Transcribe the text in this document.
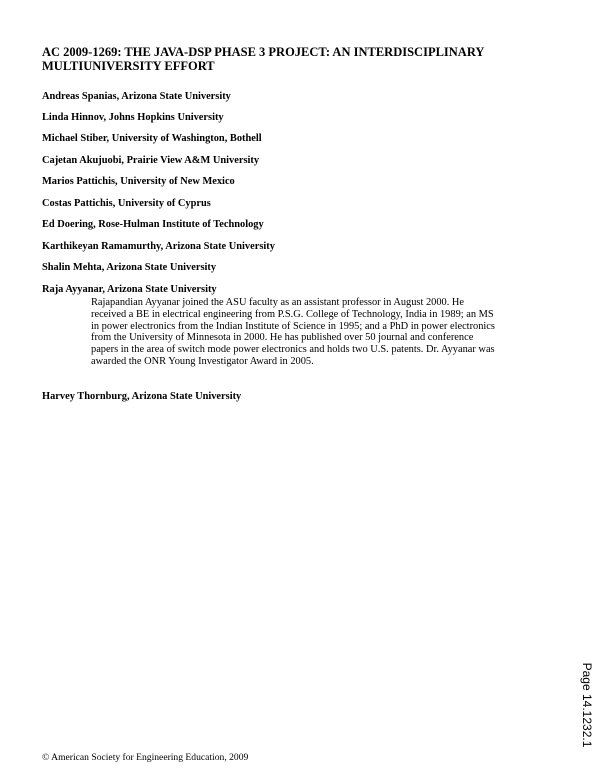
AC 2009-1269: THE JAVA-DSP PHASE 3 PROJECT: AN INTERDISCIPLINARY
MULTIUNIVERSITY EFFORT
Andreas Spanias, Arizona State University
Linda Hinnov, Johns Hopkins University
Michael Stiber, University of Washington, Bothell
Cajetan Akujuobi, Prairie View A&M University
Marios Pattichis, University of New Mexico
Costas Pattichis, University of Cyprus
Ed Doering, Rose-Hulman Institute of Technology
Karthikeyan Ramamurthy, Arizona State University
Shalin Mehta, Arizona State University
Raja Ayyanar, Arizona State University
Rajapandian Ayyanar joined the ASU faculty as an assistant professor in August 2000. He
received a BE in electrical engineering from P.S.G. College of Technology, India in 1989; an MS
in power electronics from the Indian Institute of Science in 1995; and a PhD in power electronics
from the University of Minnesota in 2000. He has published over 50 journal and conference
papers in the area of switch mode power electronics and holds two U.S. patents. Dr. Ayyanar was
awarded the ONR Young Investigator Award in 2005.
Harvey Thornburg, Arizona State University
Page 14.1232.1
© American Society for Engineering Education, 2009
